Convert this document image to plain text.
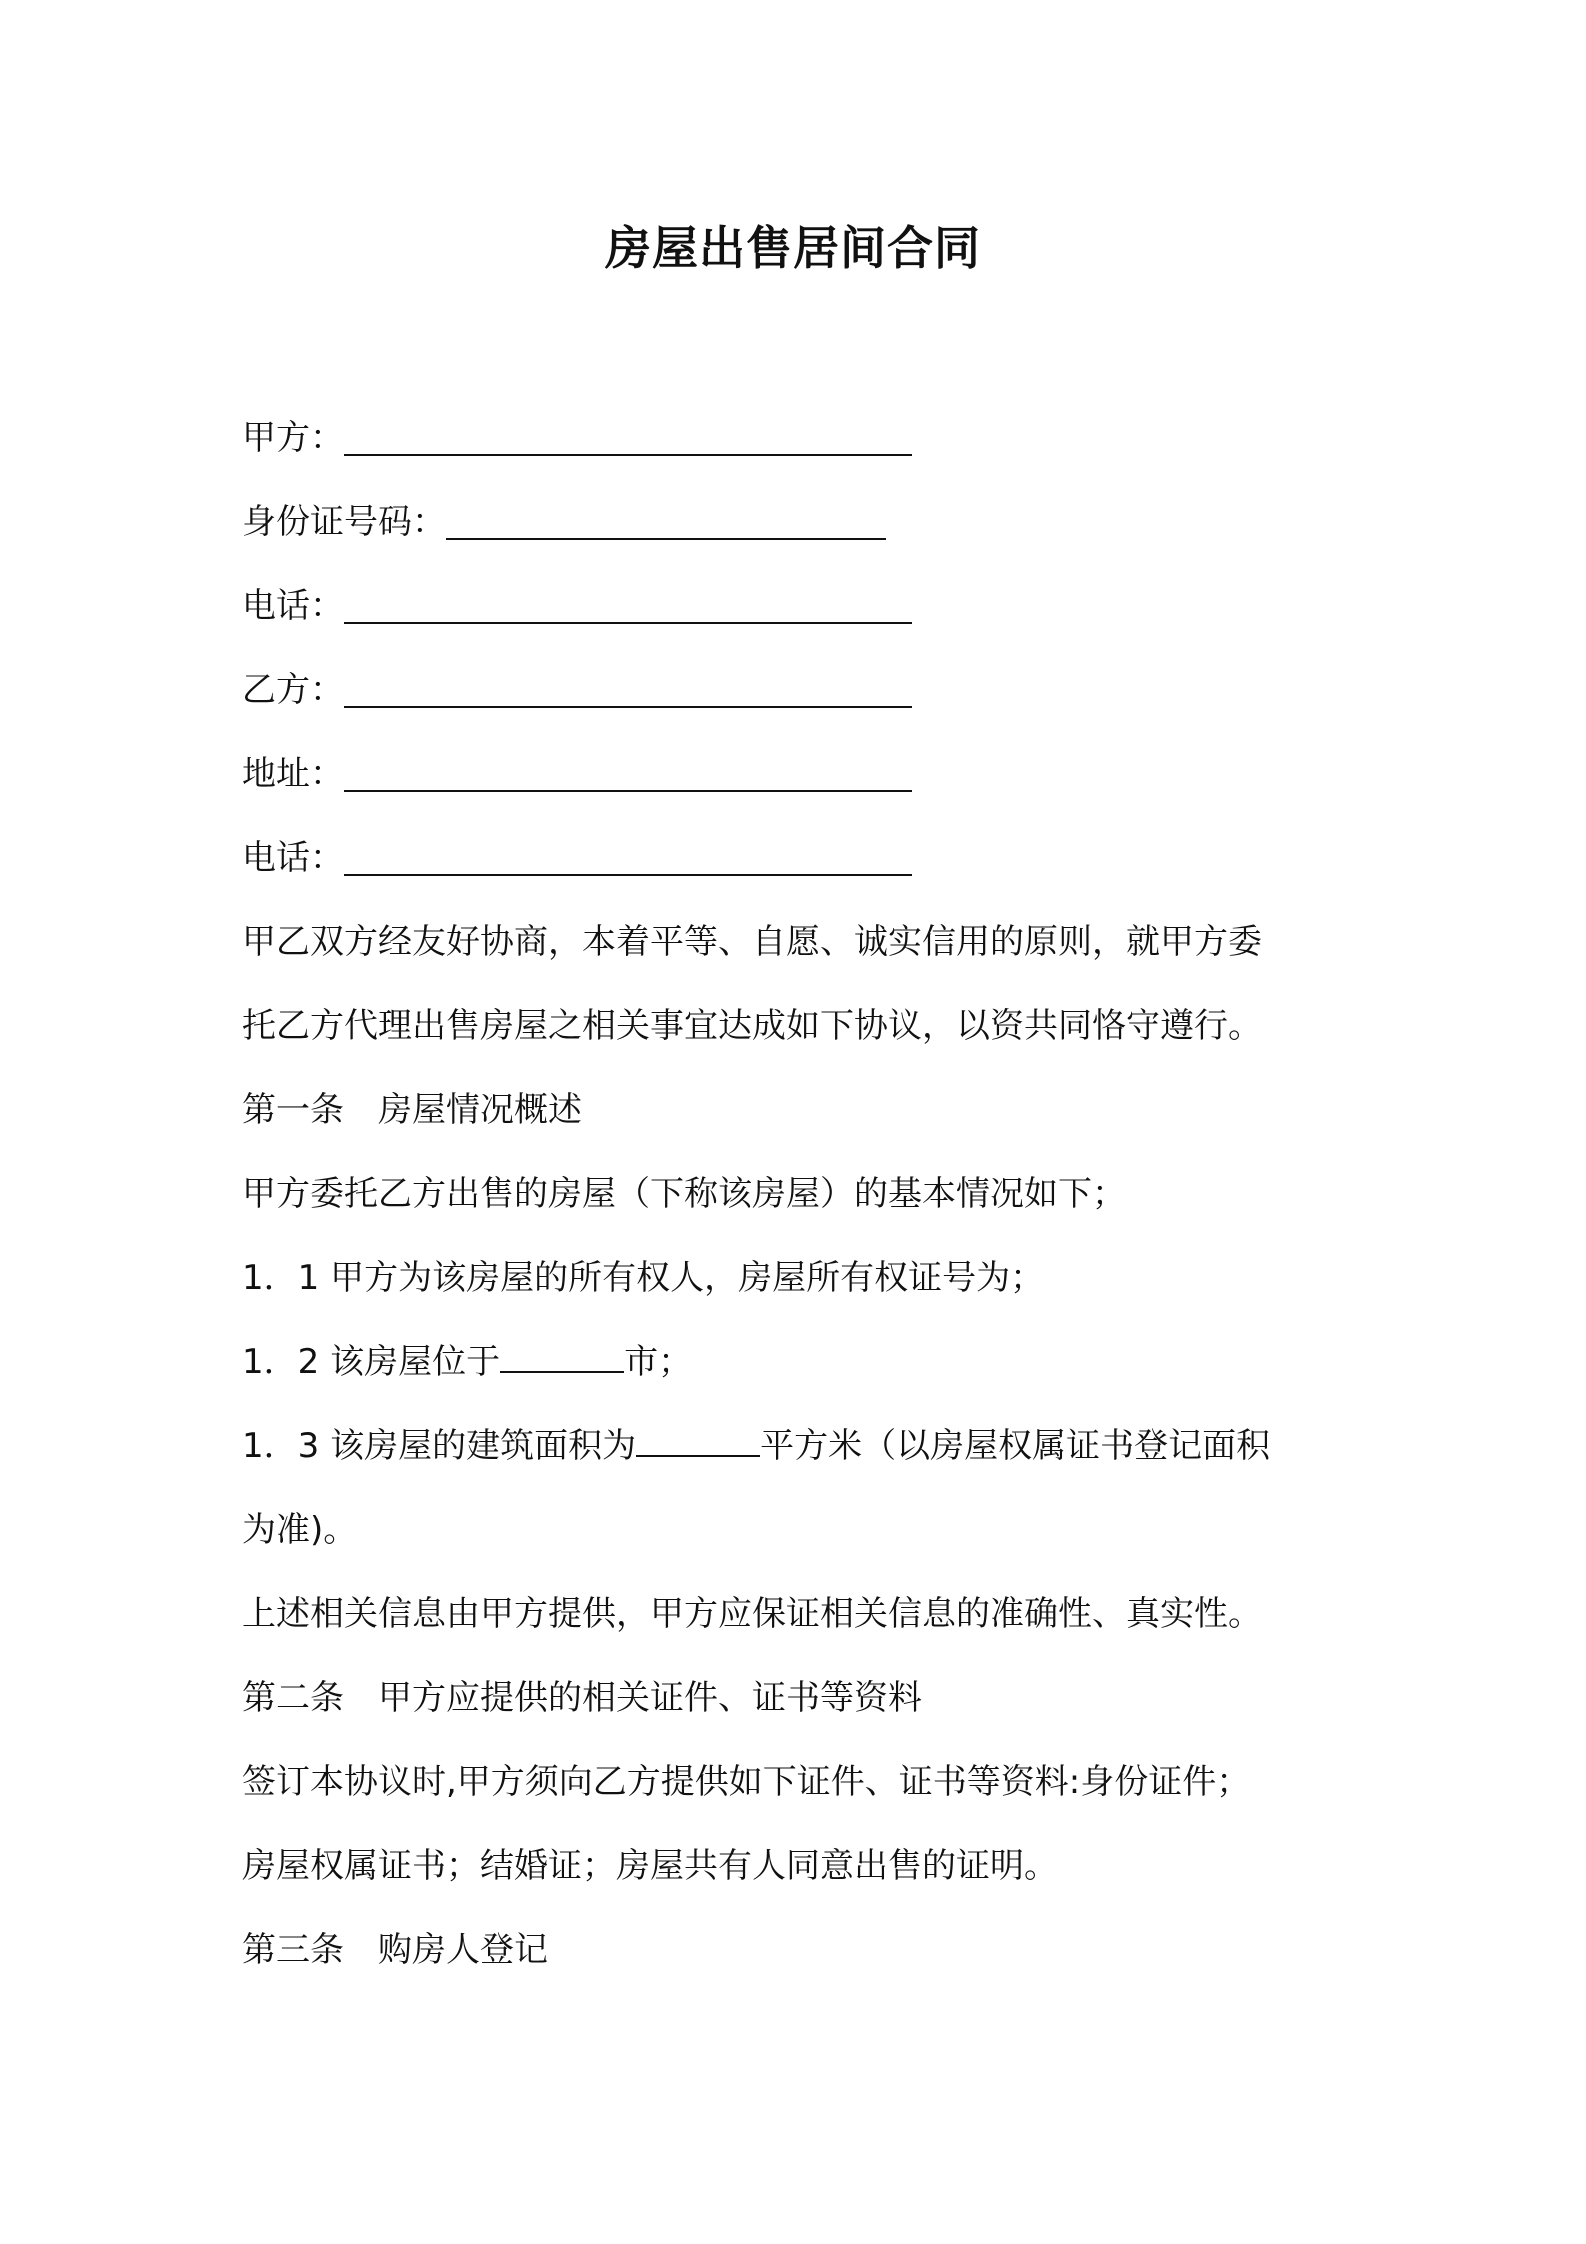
房屋出售居间合同
甲方：
身份证号码：
电话：
乙方：
地址：
电话：
甲乙双方经友好协商，本着平等、自愿、诚实信用的原则，就甲方委
托乙方代理出售房屋之相关事宜达成如下协议，以资共同恪守遵行。
第一条　房屋情况概述
甲方委托乙方出售的房屋（下称该房屋）的基本情况如下；
1．1 甲方为该房屋的所有权人，房屋所有权证号为；
1．2 该房屋位于	市；
1．3 该房屋的建筑面积为	平方米（以房屋权属证书登记面积
为准)。
上述相关信息由甲方提供，甲方应保证相关信息的准确性、真实性。
第二条　甲方应提供的相关证件、证书等资料
签订本协议时,甲方须向乙方提供如下证件、证书等资料:身份证件；
房屋权属证书；结婚证；房屋共有人同意出售的证明。
第三条　购房人登记
